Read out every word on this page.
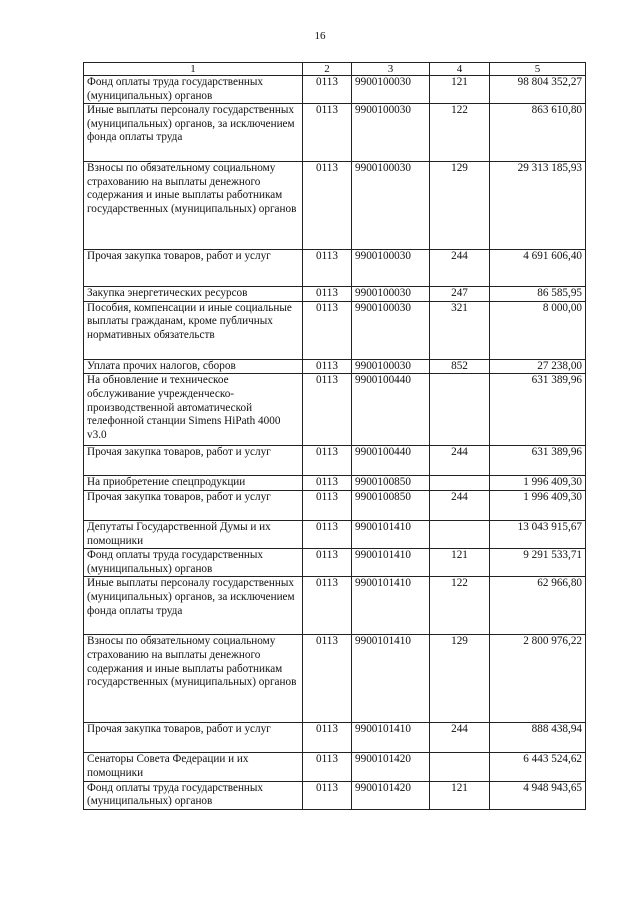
16
1	2	3	4	5
Фонд оплаты труда государственных (муниципальных) органов	0113	9900100030	121	98 804 352,27
Иные выплаты персоналу государственных (муниципальных) органов, за исключением фонда оплаты труда	0113	9900100030	122	863 610,80
Взносы по обязательному социальному страхованию на выплаты денежного содержания и иные выплаты работникам государственных (муниципальных) органов	0113	9900100030	129	29 313 185,93
Прочая закупка товаров, работ и услуг	0113	9900100030	244	4 691 606,40
Закупка энергетических ресурсов	0113	9900100030	247	86 585,95
Пособия, компенсации и иные социальные выплаты гражданам, кроме публичных нормативных обязательств	0113	9900100030	321	8 000,00
Уплата прочих налогов, сборов	0113	9900100030	852	27 238,00
На обновление и техническое обслуживание учрежденческо-производственной автоматической телефонной станции Simens HiPath 4000 v3.0	0113	9900100440		631 389,96
Прочая закупка товаров, работ и услуг	0113	9900100440	244	631 389,96
На приобретение спецпродукции	0113	9900100850		1 996 409,30
Прочая закупка товаров, работ и услуг	0113	9900100850	244	1 996 409,30
Депутаты Государственной Думы и их помощники	0113	9900101410		13 043 915,67
Фонд оплаты труда государственных (муниципальных) органов	0113	9900101410	121	9 291 533,71
Иные выплаты персоналу государственных (муниципальных) органов, за исключением фонда оплаты труда	0113	9900101410	122	62 966,80
Взносы по обязательному социальному страхованию на выплаты денежного содержания и иные выплаты работникам государственных (муниципальных) органов	0113	9900101410	129	2 800 976,22
Прочая закупка товаров, работ и услуг	0113	9900101410	244	888 438,94
Сенаторы Совета Федерации и их помощники	0113	9900101420		6 443 524,62
Фонд оплаты труда государственных (муниципальных) органов	0113	9900101420	121	4 948 943,65
